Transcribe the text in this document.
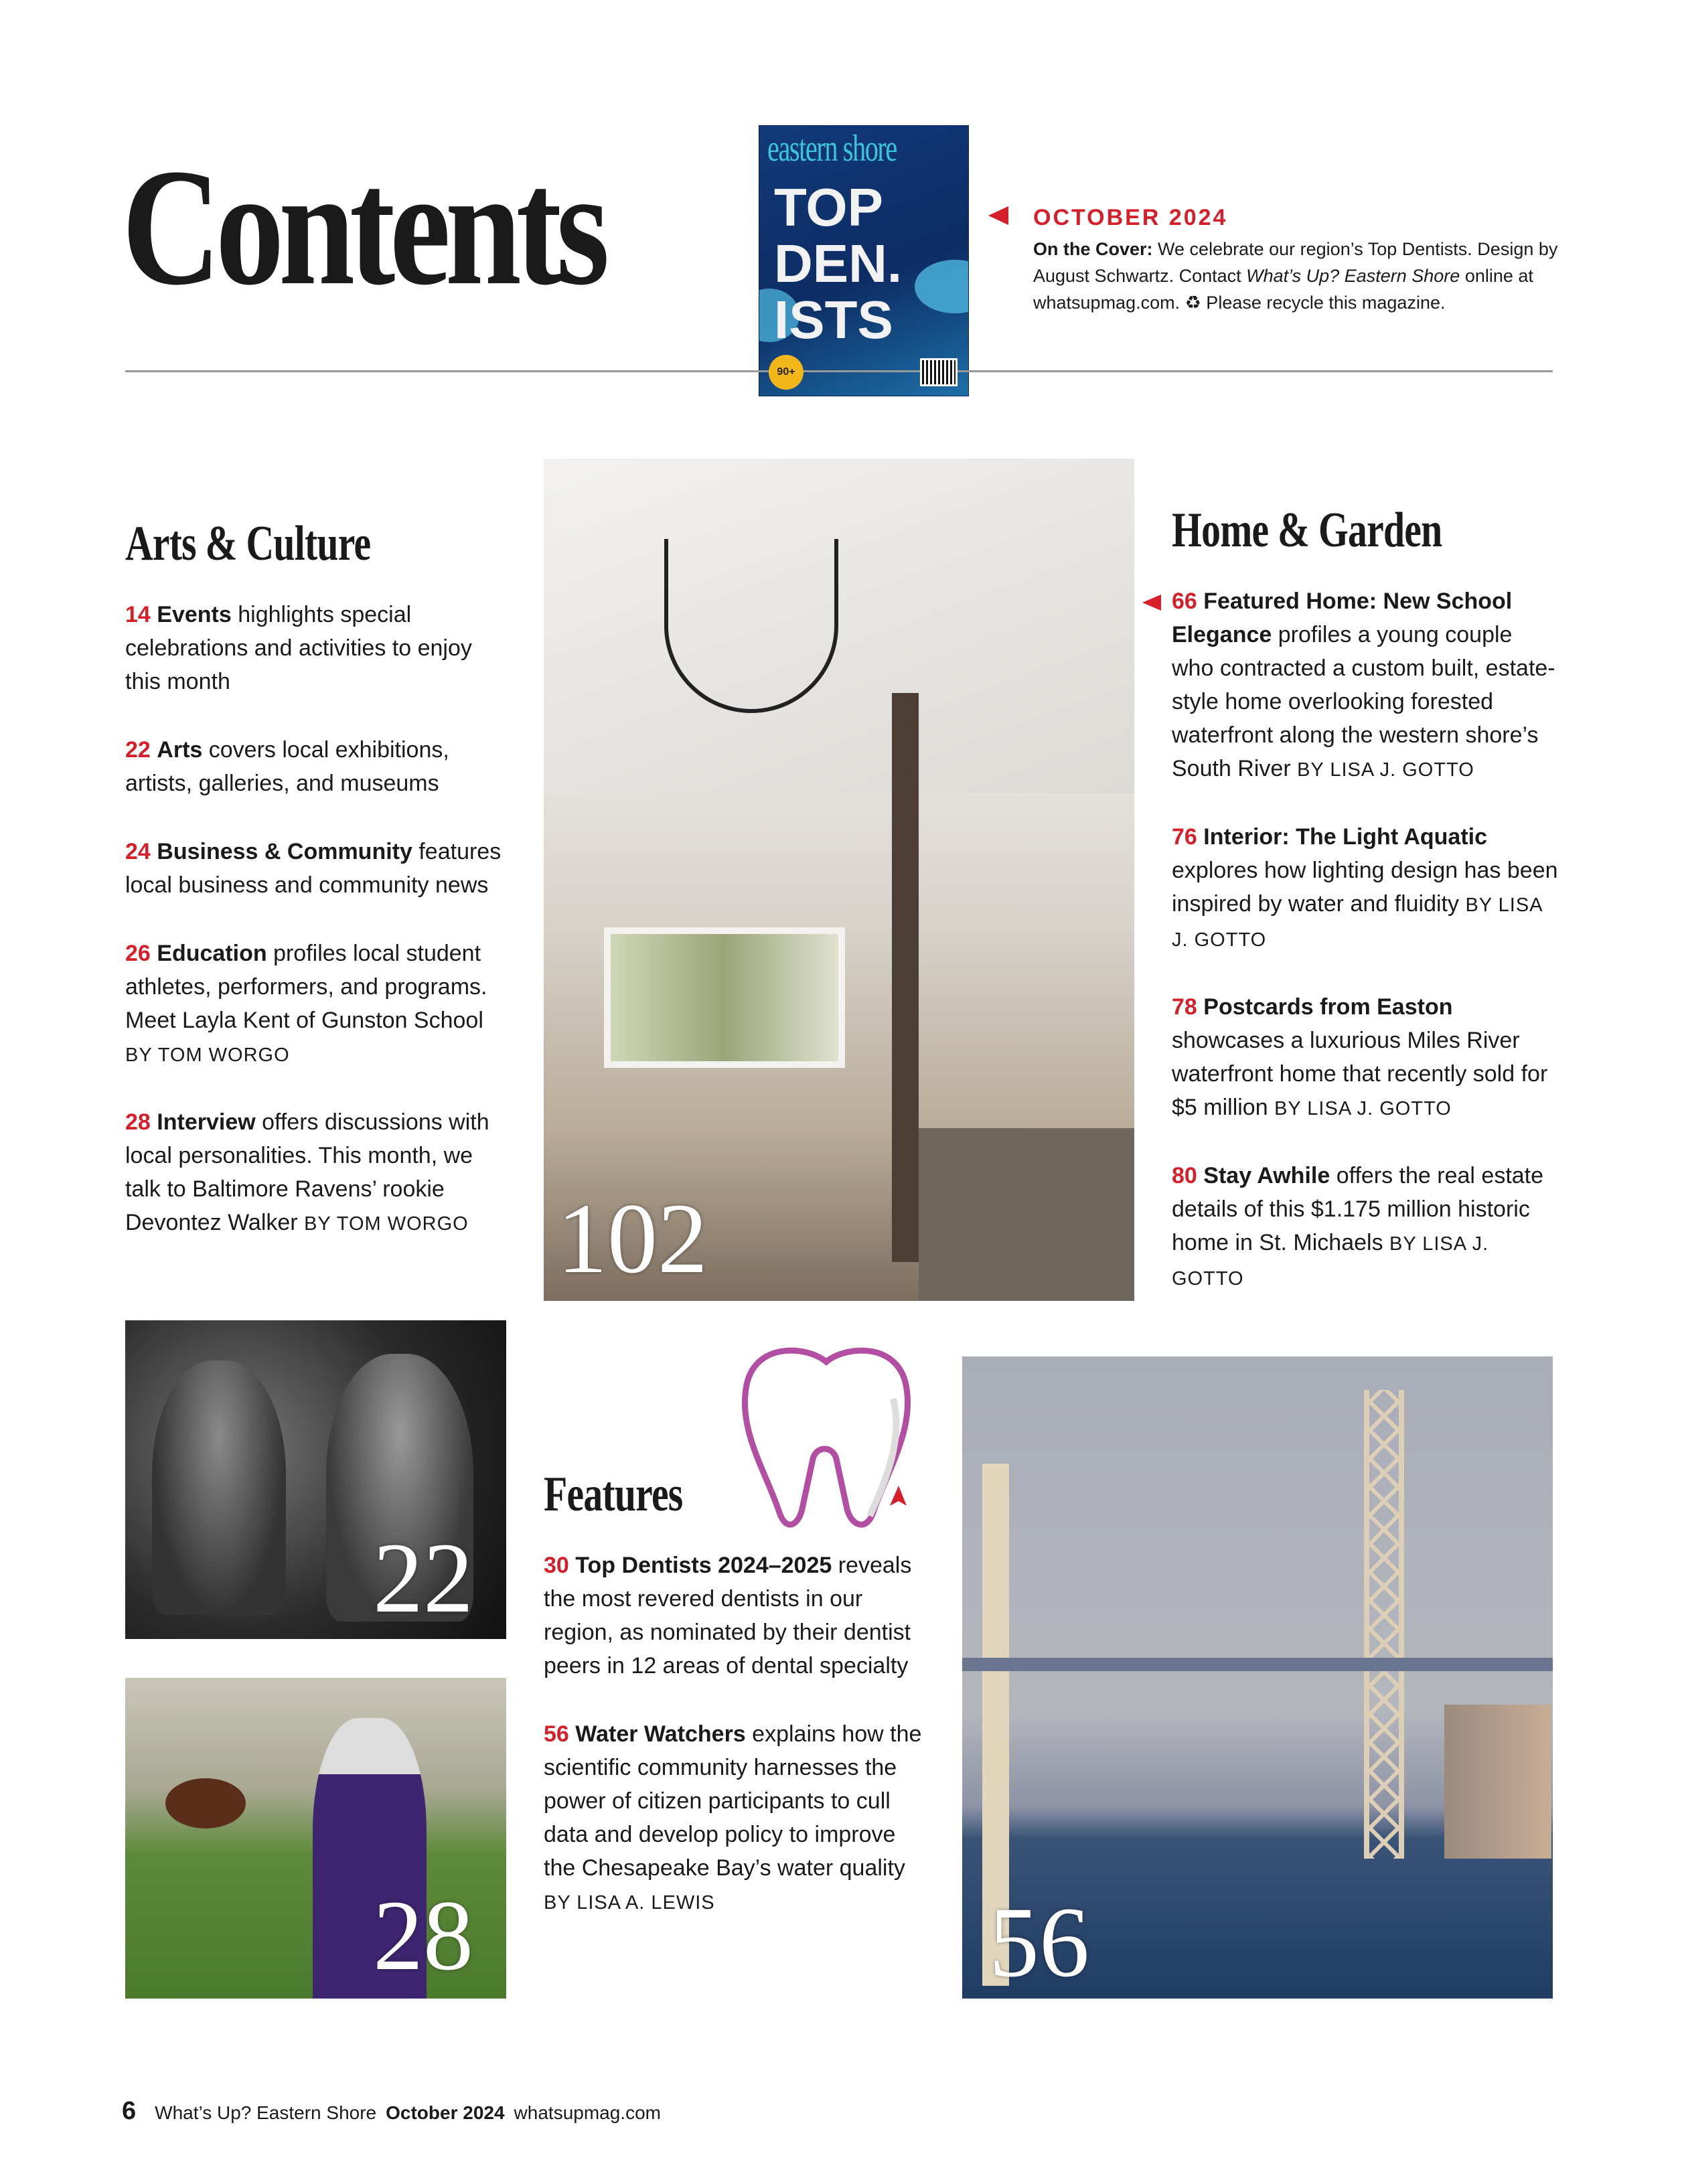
Contents	eastern shore
TOP
DEN.
ISTS
90+
OCTOBER 2024
On the Cover: We celebrate our region’s Top Dentists. Design by August Schwartz. Contact What’s Up? Eastern Shore online at whatsupmag.com. ♻ Please recycle this magazine.
Arts & Culture
14 Events highlights special celebrations and activities to enjoy this month
22 Arts covers local exhibitions, artists, galleries, and museums
24 Business & Community features local business and community news
26 Education profiles local student athletes, performers, and programs. Meet Layla Kent of Gunston School BY TOM WORGO
28 Interview offers discussions with local personalities. This month, we talk to Baltimore Ravens’ rookie Devontez Walker BY TOM WORGO 102
Home & Garden
66 Featured Home: New School Elegance profiles a young couple who contracted a custom built, estate-style home overlooking forested waterfront along the western shore’s South River BY LISA J. GOTTO
76 Interior: The Light Aquatic explores how lighting design has been inspired by water and fluidity BY LISA J. GOTTO
78 Postcards from Easton showcases a luxurious Miles River waterfront home that recently sold for $5 million BY LISA J. GOTTO
80 Stay Awhile offers the real estate details of this $1.175 million historic home in St. Michaels BY LISA J. GOTTO
22
28
Features
30 Top Dentists 2024–2025 reveals the most revered dentists in our region, as nominated by their dentist peers in 12 areas of dental specialty
56 Water Watchers explains how the scientific community harnesses the power of citizen participants to cull data and develop policy to improve the Chesapeake Bay’s water quality BY LISA A. LEWIS	56
6 What’s Up? Eastern Shore October 2024 whatsupmag.com
